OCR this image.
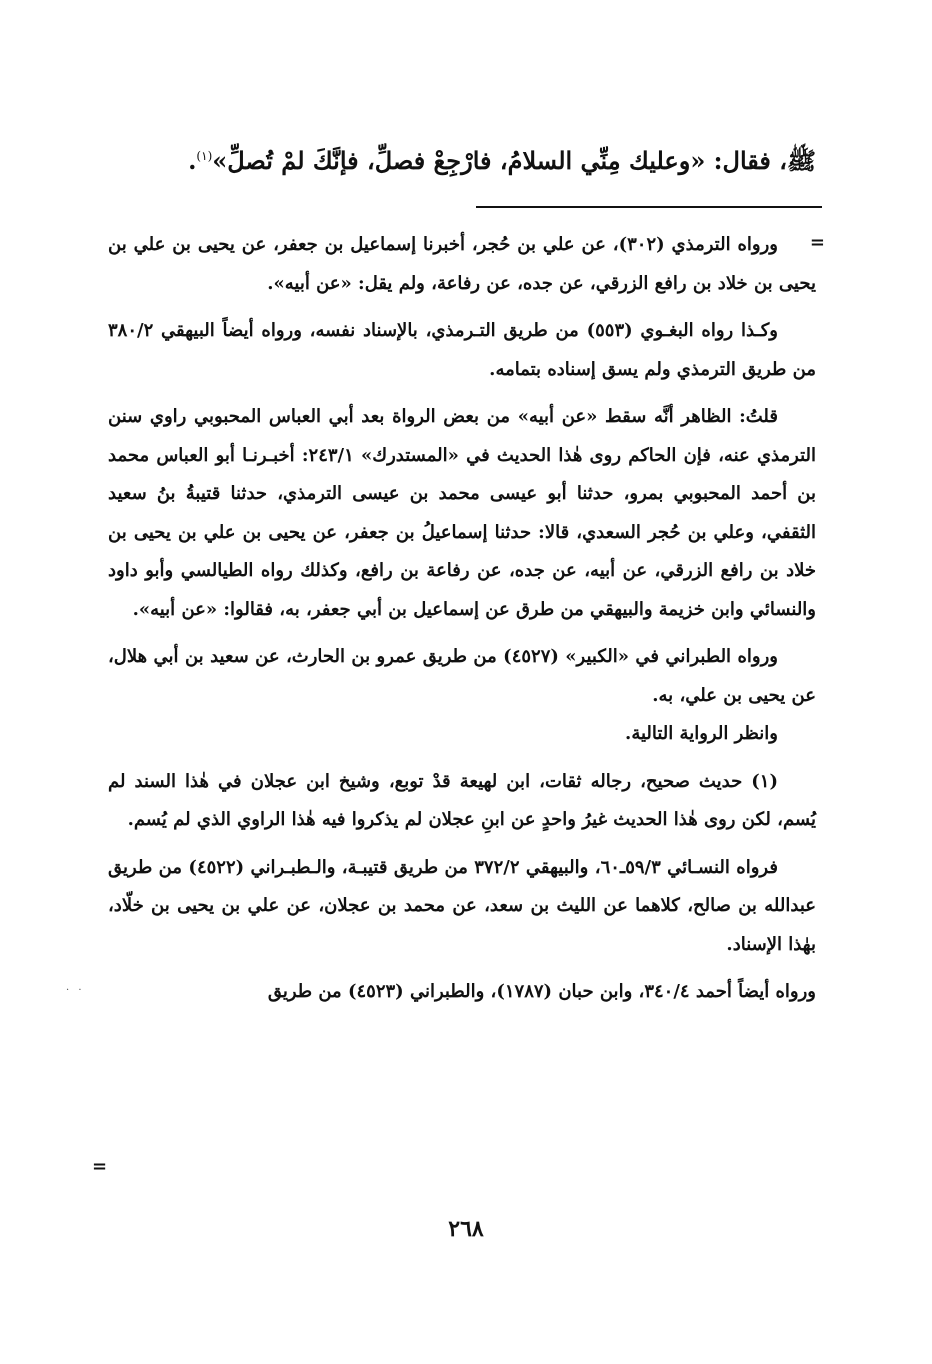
ﷺ، فقال: «وعليك مِنِّي السلامُ، فارْجِعْ فصلِّ، فإنَّكَ لمْ تُصلِّ»$^{(١)}$.
=

ورواه الترمذي (٣٠٢)، عن علي بن حُجر، أخبرنا إسماعيل بن جعفر، عن يحيى بن علي بن يحيى بن خلاد بن رافع الزرقي، عن جده، عن رفاعة، ولم يقل: «عن أبيه».

وكـذا رواه البغـوي (٥٥٣) من طريق التـرمذي، بالإسناد نفسه، ورواه أيضاً البيهقي ٣٨٠/٢ من طريق الترمذي ولم يسق إسناده بتمامه.

قلتُ: الظاهر أنَّه سقط «عن أبيه» من بعض الرواة بعد أبي العباس المحبوبي راوي سنن الترمذي عنه، فإن الحاكم روى هٰذا الحديث في «المستدرك» ٢٤٣/١: أخبـرنـا أبو العباس محمد بن أحمد المحبوبي بمرو، حدثنا أبو عيسى محمد بن عيسى الترمذي، حدثنا قتيبةُ بنُ سعيد الثقفي، وعلي بن حُجر السعدي، قالا: حدثنا إسماعيلُ بن جعفر، عن يحيى بن علي بن يحيى بن خلاد بن رافع الزرقي، عن أبيه، عن جده، عن رفاعة بن رافع، وكذلك رواه الطيالسي وأبو داود والنسائي وابن خزيمة والبيهقي من طرق عن إسماعيل بن أبي جعفر، به، فقالوا: «عن أبيه».

ورواه الطبراني في «الكبير» (٤٥٢٧) من طريق عمرو بن الحارث، عن سعيد بن أبي هلال، عن يحيى بن علي، به.

وانظر الرواية التالية.

(١) حديث صحيح، رجاله ثقات، ابن لهيعة قدْ توبع، وشيخ ابن عجلان في هٰذا السند لم يُسم، لكن روى هٰذا الحديث غيرُ واحدٍ عن ابنِ عجلان لم يذكروا فيه هٰذا الراوي الذي لم يُسم.

فرواه النسـائي ٥٩/٣ـ٦٠، والبيهقي ٣٧٢/٢ من طريق قتيبـة، والـطبـراني (٤٥٢٢) من طريق عبدالله بن صالح، كلاهما عن الليث بن سعد، عن محمد بن عجلان، عن علي بن يحيى بن خلّاد، بهٰذا الإسناد.

ورواه أيضاً أحمد ٣٤٠/٤، وابن حبان (١٧٨٧)، والطبراني (٤٥٢٣) من طريق

=
· ·
٢٦٨
